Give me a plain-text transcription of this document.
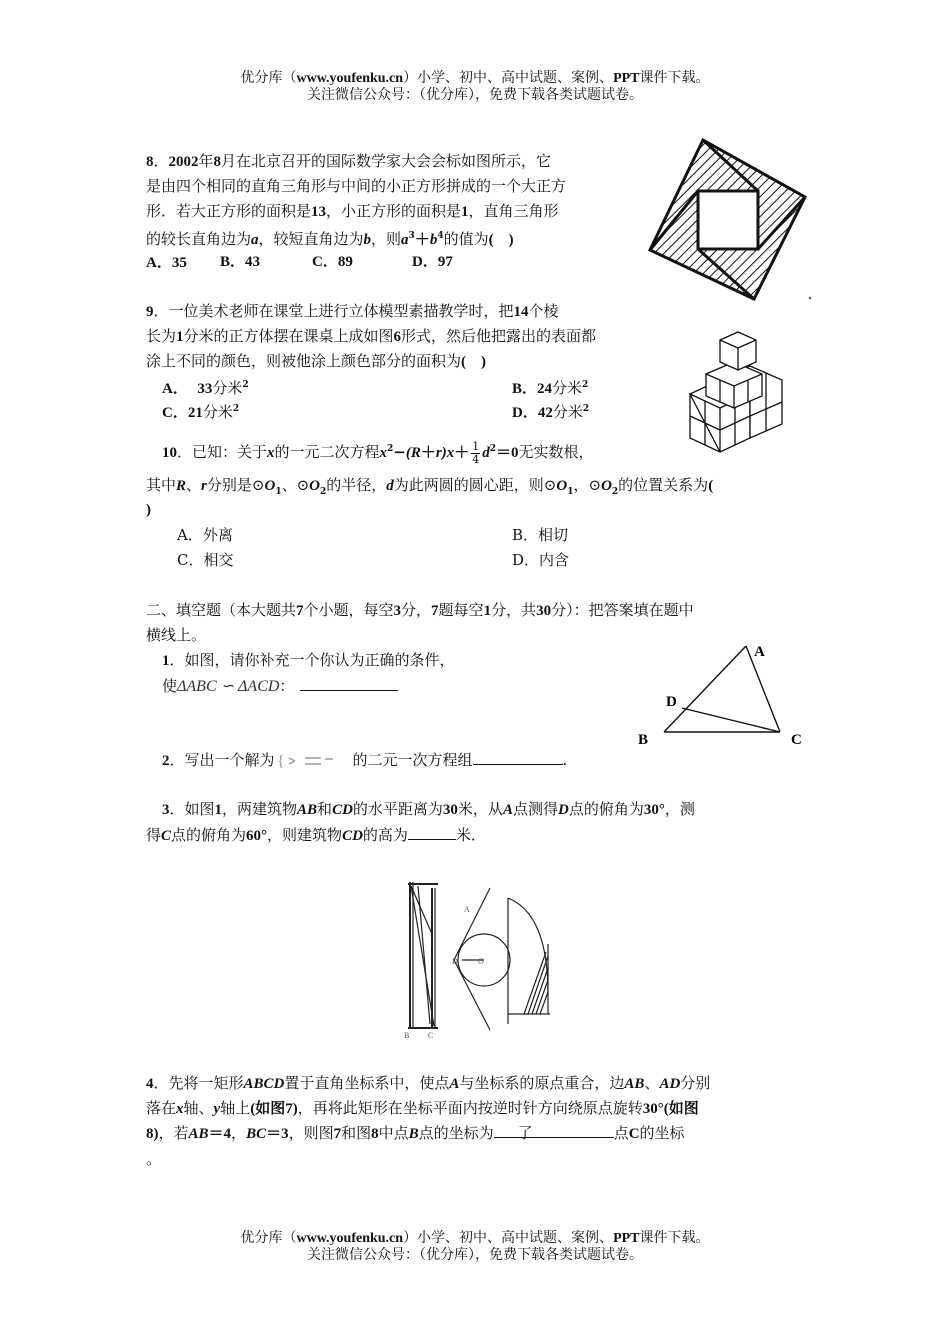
优分库（www.youfenku.cn）小学、初中、高中试题、案例、PPT课件下载。
关注微信公众号：（优分库），免费下载各类试题试卷。
8．2002年8月在北京召开的国际数学家大会会标如图所示，它
是由四个相同的直角三角形与中间的小正方形拼成的一个大正方
形．若大正方形的面积是13，小正方形的面积是1，直角三角形
的较长直角边为a，较短直角边为b，则$a^3+b^4$的值为(　)
A．35 B．43	C．89	D．97
9．一位美术老师在课堂上进行立体模型素描教学时，把14个棱
长为1分米的正方体摆在课桌上成如图6形式，然后他把露出的表面都
涂上不同的颜色，则被他涂上颜色部分的面积为(　)
A． 33分米$^2$	B．24分米$^2$
C．21分米$^2$	D．42分米$^2$
10．已知：关于x的一元二次方程$x^2-(R+r)x+ \frac{1}{4} d^2=0$无实数根，
其中R、r分别是$⊙O_1$、$⊙O_2$的半径，d为此两圆的圆心距，则$⊙O_1$，$⊙O_2$的位置关系为(
)
A．外离	B．相切
C．相交	D．内含
二、填空题（本大题共7个小题，每空3分，7题每空1分，共30分）：把答案填在题中
横线上。
1．如图，请你补充一个你认为正确的条件，
使ΔABC ∽ ΔACD：
A
B	C
D
2．写出一个解为 {	的二元一次方程组	.
3．如图1，两建筑物AB和CD的水平距离为30米，从A点测得D点的俯角为30°，测
得C点的俯角为60°，则建筑物CD的高为	米．
B C
A
D	O
4．先将一矩形ABCD置于直角坐标系中，使点A与坐标系的原点重合，边AB、AD分别
落在x轴、y轴上(如图7)，再将此矩形在坐标平面内按逆时针方向绕原点旋转30°(如图
8)，若AB＝4，BC＝3，则图7和图8中点B点的坐标为 了	点C的坐标
。
优分库（www.youfenku.cn）小学、初中、高中试题、案例、PPT课件下载。
关注微信公众号：（优分库），免费下载各类试题试卷。
